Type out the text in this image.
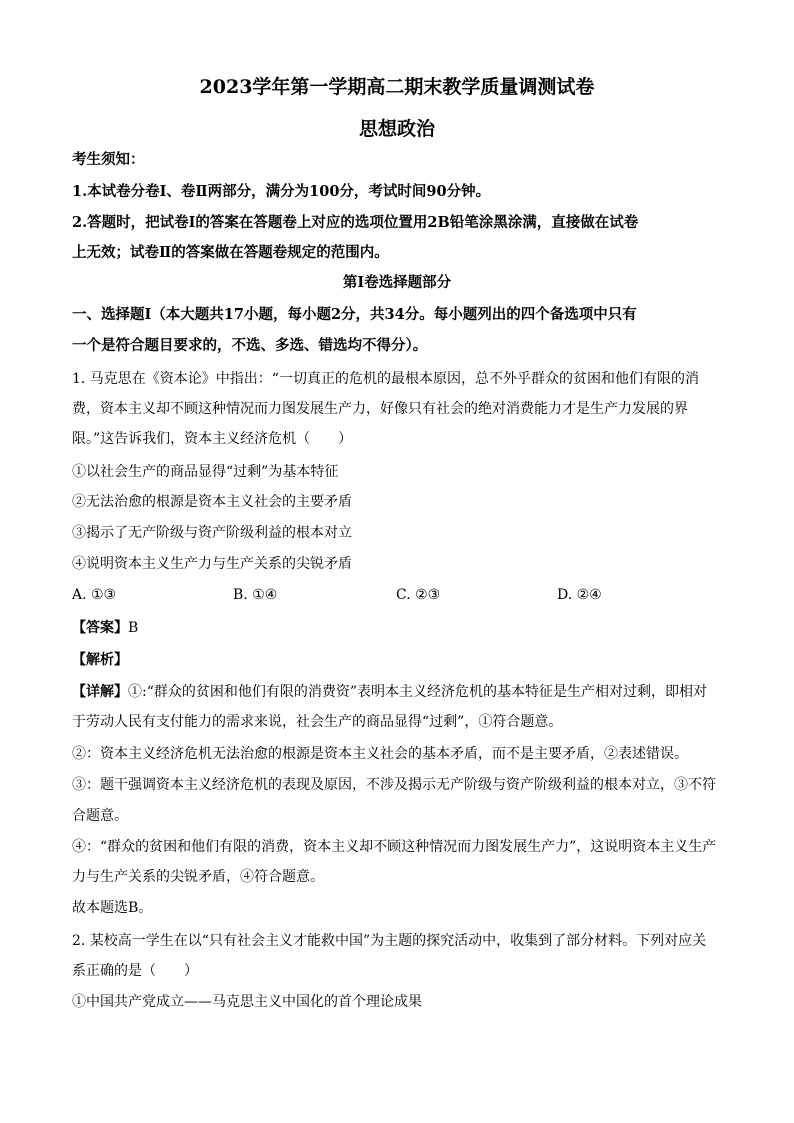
2023学年第一学期高二期末教学质量调测试卷
思想政治
考生须知：
1.本试卷分卷Ⅰ、卷Ⅱ两部分，满分为100分，考试时间90分钟。
2.答题时，把试卷Ⅰ的答案在答题卷上对应的选项位置用2B铅笔涂黑涂满，直接做在试卷
上无效；试卷Ⅱ的答案做在答题卷规定的范围内。
第Ⅰ卷选择题部分
一、选择题Ⅰ（本大题共17小题，每小题2分，共34分。每小题列出的四个备选项中只有
一个是符合题目要求的，不选、多选、错选均不得分）。
1. 马克思在《资本论》中指出：“一切真正的危机的最根本原因，总不外乎群众的贫困和他们有限的消
费，资本主义却不顾这种情况而力图发展生产力，好像只有社会的绝对消费能力才是生产力发展的界
限。”这告诉我们，资本主义经济危机（　　）
①以社会生产的商品显得“过剩”为基本特征
②无法治愈的根源是资本主义社会的主要矛盾
③揭示了无产阶级与资产阶级利益的根本对立
④说明资本主义生产力与生产关系的尖锐矛盾
A. ①③	B. ①④	C. ②③	D. ②④
【答案】B
【解析】
【详解】①:“群众的贫困和他们有限的消费资”表明本主义经济危机的基本特征是生产相对过剩，即相对
于劳动人民有支付能力的需求来说，社会生产的商品显得“过剩”，①符合题意。
②：资本主义经济危机无法治愈的根源是资本主义社会的基本矛盾，而不是主要矛盾，②表述错误。
③：题干强调资本主义经济危机的表现及原因，不涉及揭示无产阶级与资产阶级利益的根本对立，③不符
合题意。
④：“群众的贫困和他们有限的消费，资本主义却不顾这种情况而力图发展生产力”，这说明资本主义生产
力与生产关系的尖锐矛盾，④符合题意。
故本题选B。
2. 某校高一学生在以“只有社会主义才能救中国”为主题的探究活动中，收集到了部分材料。下列对应关
系正确的是（　　）
①中国共产党成立——马克思主义中国化的首个理论成果
